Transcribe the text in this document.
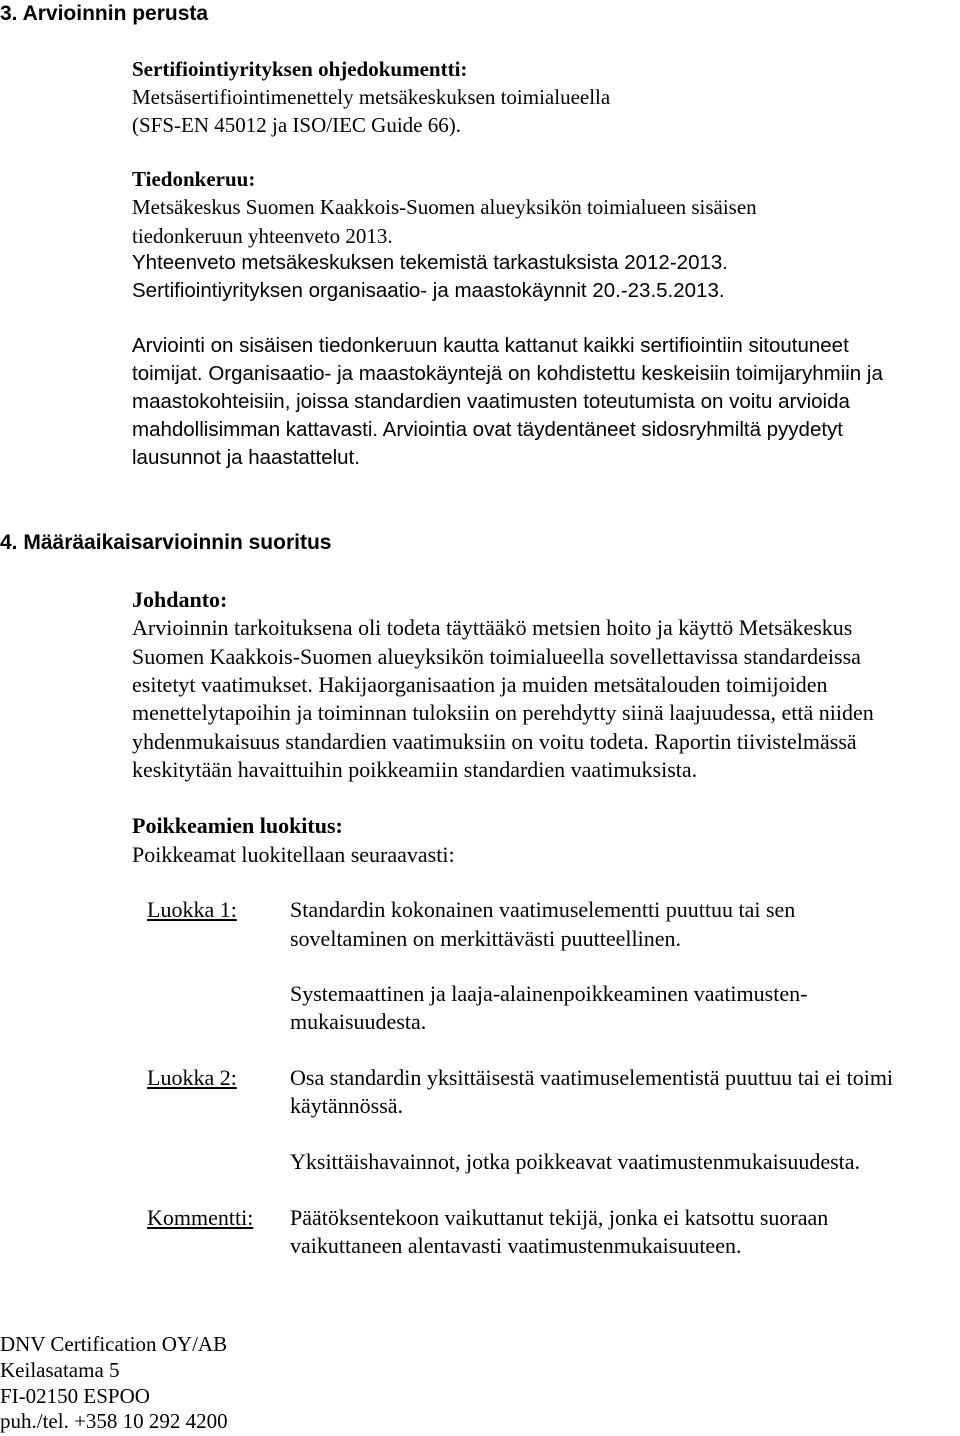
3. Arvioinnin perusta
Sertifiointiyrityksen ohjedokumentti:
Metsäsertifiointimenettely metsäkeskuksen toimialueella
(SFS-EN 45012 ja ISO/IEC Guide 66).
Tiedonkeruu:
Metsäkeskus Suomen Kaakkois-Suomen alueyksikön toimialueen sisäisen
tiedonkeruun yhteenveto 2013.
Yhteenveto metsäkeskuksen tekemistä tarkastuksista 2012-2013.
Sertifiointiyrityksen organisaatio- ja maastokäynnit 20.-23.5.2013.
Arviointi on sisäisen tiedonkeruun kautta kattanut kaikki sertifiointiin sitoutuneet
toimijat. Organisaatio- ja maastokäyntejä on kohdistettu keskeisiin toimijaryhmiin ja
maastokohteisiin, joissa standardien vaatimusten toteutumista on voitu arvioida
mahdollisimman kattavasti. Arviointia ovat täydentäneet sidosryhmiltä pyydetyt
lausunnot ja haastattelut.
4. Määräaikaisarvioinnin suoritus
Johdanto:
Arvioinnin tarkoituksena oli todeta täyttääkö metsien hoito ja käyttö Metsäkeskus
Suomen Kaakkois-Suomen alueyksikön toimialueella sovellettavissa standardeissa
esitetyt vaatimukset. Hakijaorganisaation ja muiden metsätalouden toimijoiden
menettelytapoihin ja toiminnan tuloksiin on perehdytty siinä laajuudessa, että niiden
yhdenmukaisuus standardien vaatimuksiin on voitu todeta. Raportin tiivistelmässä
keskitytään havaittuihin poikkeamiin standardien vaatimuksista.
Poikkeamien luokitus:
Poikkeamat luokitellaan seuraavasti:
Luokka 1: Standardin kokonainen vaatimuselementti puuttuu tai sen
soveltaminen on merkittävästi puutteellinen.
Systemaattinen ja laaja-alainenpoikkeaminen vaatimusten-
mukaisuudesta.
Luokka 2: Osa standardin yksittäisestä vaatimuselementistä puuttuu tai ei toimi
käytännössä.
Yksittäishavainnot, jotka poikkeavat vaatimustenmukaisuudesta.
Kommentti: Päätöksentekoon vaikuttanut tekijä, jonka ei katsottu suoraan
vaikuttaneen alentavasti vaatimustenmukaisuuteen.
DNV Certification OY/AB
Keilasatama 5
FI-02150 ESPOO
puh./tel. +358 10 292 4200
